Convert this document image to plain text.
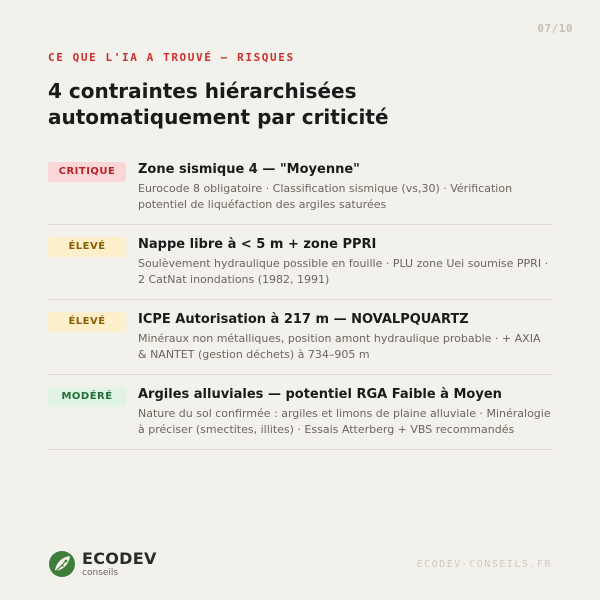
07/10
CE QUE L'IA A TROUVÉ — RISQUES
4 contraintes hiérarchisées automatiquement par criticité
CRITIQUE	Zone sismique 4 — "Moyenne"
Eurocode 8 obligatoire · Classification sismique (vs,30) · Vérification potentiel de liquéfaction des argiles saturées
ÉLEVÉ	Nappe libre à < 5 m + zone PPRI
Soulèvement hydraulique possible en fouille · PLU zone Uei soumise PPRI · 2 CatNat inondations (1982, 1991)
ÉLEVÉ	ICPE Autorisation à 217 m — NOVALPQUARTZ
Minéraux non métalliques, position amont hydraulique probable · + AXIA & NANTET (gestion déchets) à 734–905 m
MODÉRÉ	Argiles alluviales — potentiel RGA Faible à Moyen
Nature du sol confirmée : argiles et limons de plaine alluviale · Minéralogie à préciser (smectites, illites) · Essais Atterberg + VBS recommandés
ECODEV
conseils
ECODEV-CONSEILS.FR
